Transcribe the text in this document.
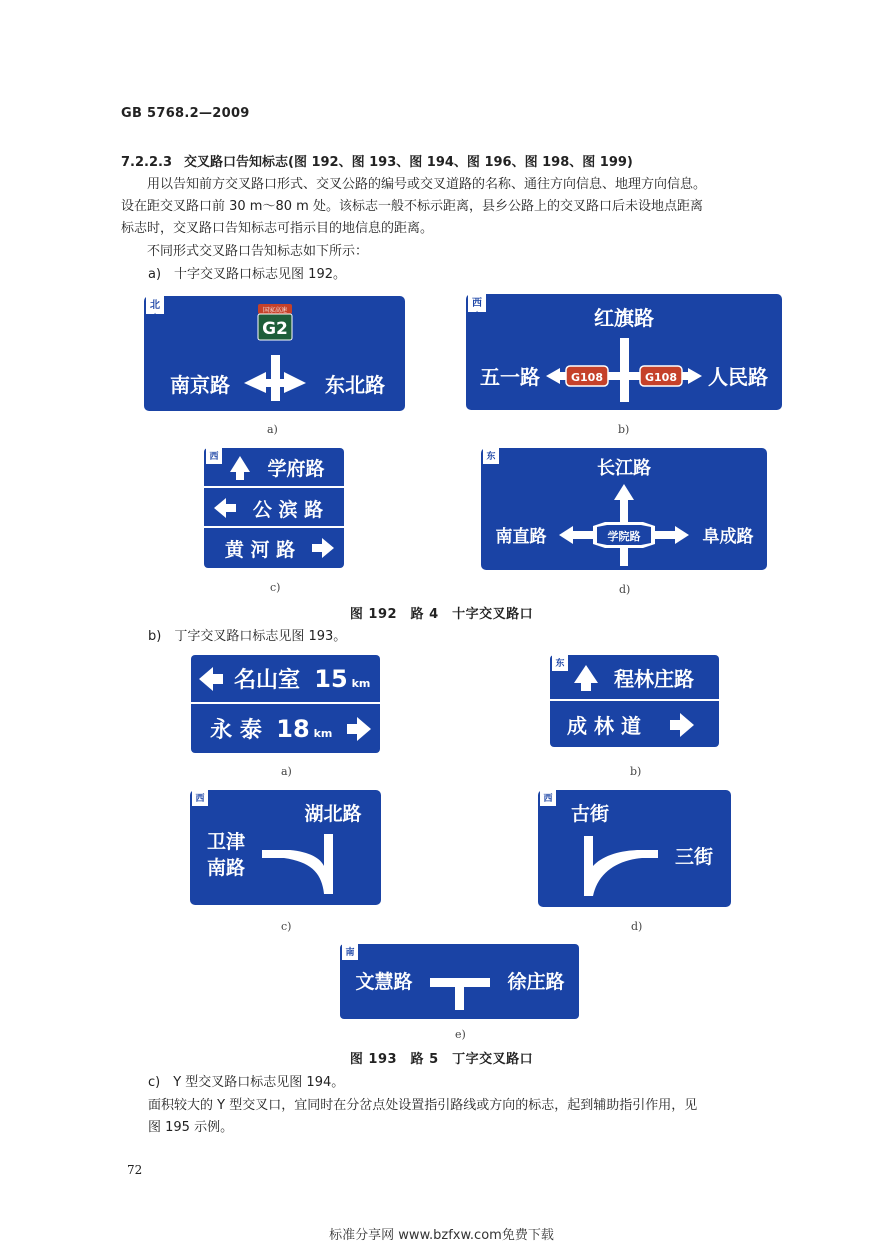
GB 5768.2—2009
7.2.2.3 交叉路口告知标志(图 192、图 193、图 194、图 196、图 198、图 199)
用以告知前方交叉路口形式、交叉公路的编号或交叉道路的名称、通往方向信息、地理方向信息。
设在距交叉路口前 30 m～80 m 处。该标志一般不标示距离，县乡公路上的交叉路口后未设地点距离
标志时，交叉路口告知标志可指示目的地信息的距离。
不同形式交叉路口告知标志如下所示：
a)　十字交叉路口标志见图 192。
北
▲
国家高速
G2
南京路	东北路
a)
西
▲	红旗路
G108	G108
五一路	人民路
b)
西
学府路
公 滨 路
黄 河 路
c)
东
长江路
学院路
南直路	阜成路
d)
图 192　路 4　十字交叉路口
b)　丁字交叉路口标志见图 193。
名山室 15 km
永 泰 18 km
a)
东
程林庄路
成 林 道
b)
西
湖北路
卫津
南路
c)
西
古街
三街
d)
南
文慧路	徐庄路
e)
图 193　路 5　丁字交叉路口
c)　Y 型交叉路口标志见图 194。
面积较大的 Y 型交叉口，宜同时在分岔点处设置指引路线或方向的标志，起到辅助指引作用，见
图 195 示例。
72
标准分享网 www.bzfxw.com免费下载
